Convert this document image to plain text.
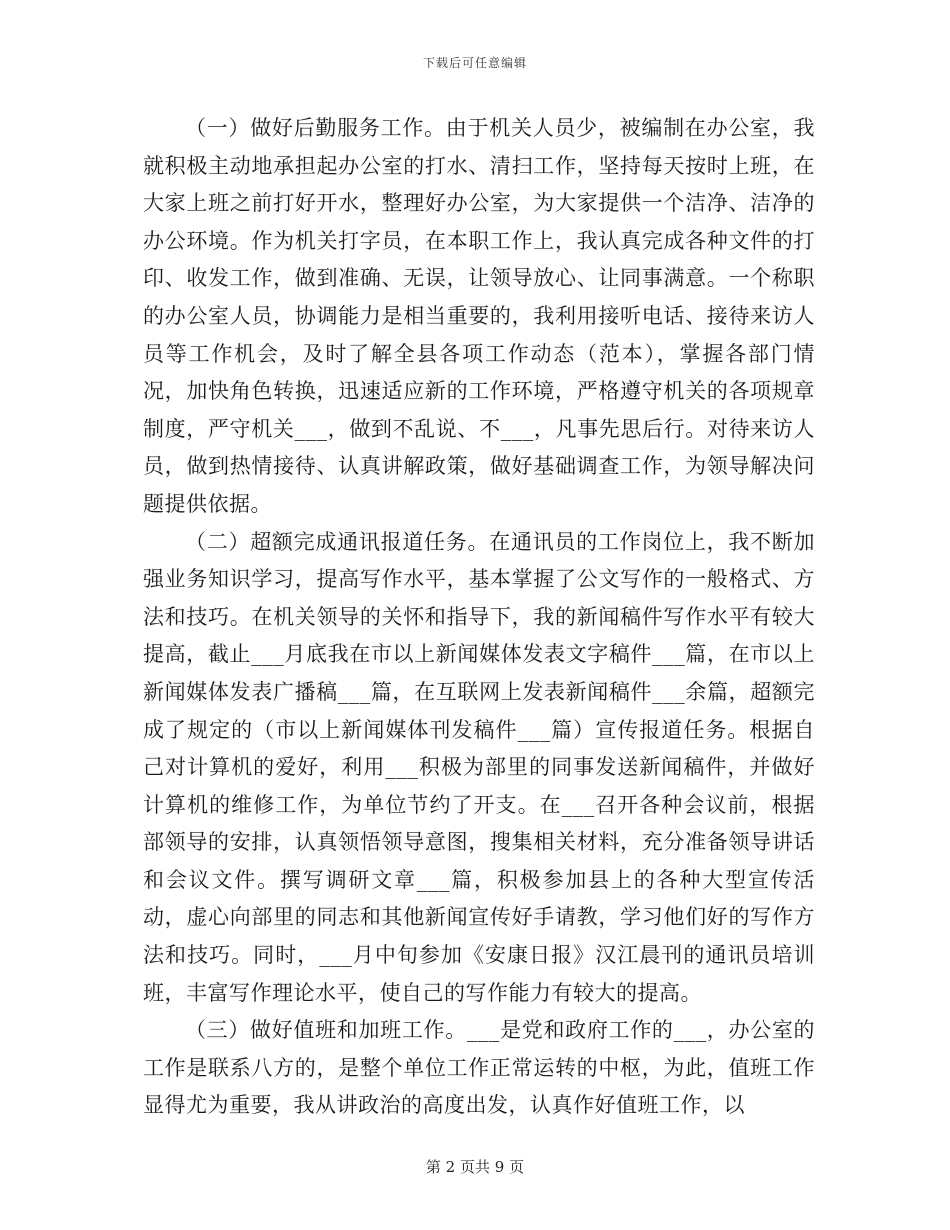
下载后可任意编辑

（一）做好后勤服务工作。由于机关人员少，被编制在办公室，我就积极主动地承担起办公室的打水、清扫工作，坚持每天按时上班，在大家上班之前打好开水，整理好办公室，为大家提供一个洁净、洁净的办公环境。作为机关打字员，在本职工作上，我认真完成各种文件的打印、收发工作，做到准确、无误，让领导放心、让同事满意。一个称职的办公室人员，协调能力是相当重要的，我利用接听电话、接待来访人员等工作机会，及时了解全县各项工作动态（范本），掌握各部门情况，加快角色转换，迅速适应新的工作环境，严格遵守机关的各项规章制度，严守机关___，做到不乱说、不___，凡事先思后行。对待来访人员，做到热情接待、认真讲解政策，做好基础调查工作，为领导解决问题提供依据。

（二）超额完成通讯报道任务。在通讯员的工作岗位上，我不断加强业务知识学习，提高写作水平，基本掌握了公文写作的一般格式、方法和技巧。在机关领导的关怀和指导下，我的新闻稿件写作水平有较大提高，截止___月底我在市以上新闻媒体发表文字稿件___篇，在市以上新闻媒体发表广播稿___篇，在互联网上发表新闻稿件___余篇，超额完成了规定的（市以上新闻媒体刊发稿件___篇）宣传报道任务。根据自己对计算机的爱好，利用___积极为部里的同事发送新闻稿件，并做好计算机的维修工作，为单位节约了开支。在___召开各种会议前，根据部领导的安排，认真领悟领导意图，搜集相关材料，充分准备领导讲话和会议文件。撰写调研文章___篇，积极参加县上的各种大型宣传活动，虚心向部里的同志和其他新闻宣传好手请教，学习他们好的写作方法和技巧。同时，___月中旬参加《安康日报》汉江晨刊的通讯员培训班，丰富写作理论水平，使自己的写作能力有较大的提高。

（三）做好值班和加班工作。___是党和政府工作的___，办公室的工作是联系八方的，是整个单位工作正常运转的中枢，为此，值班工作显得尤为重要，我从讲政治的高度出发，认真作好值班工作，以

第 2 页共 9 页
